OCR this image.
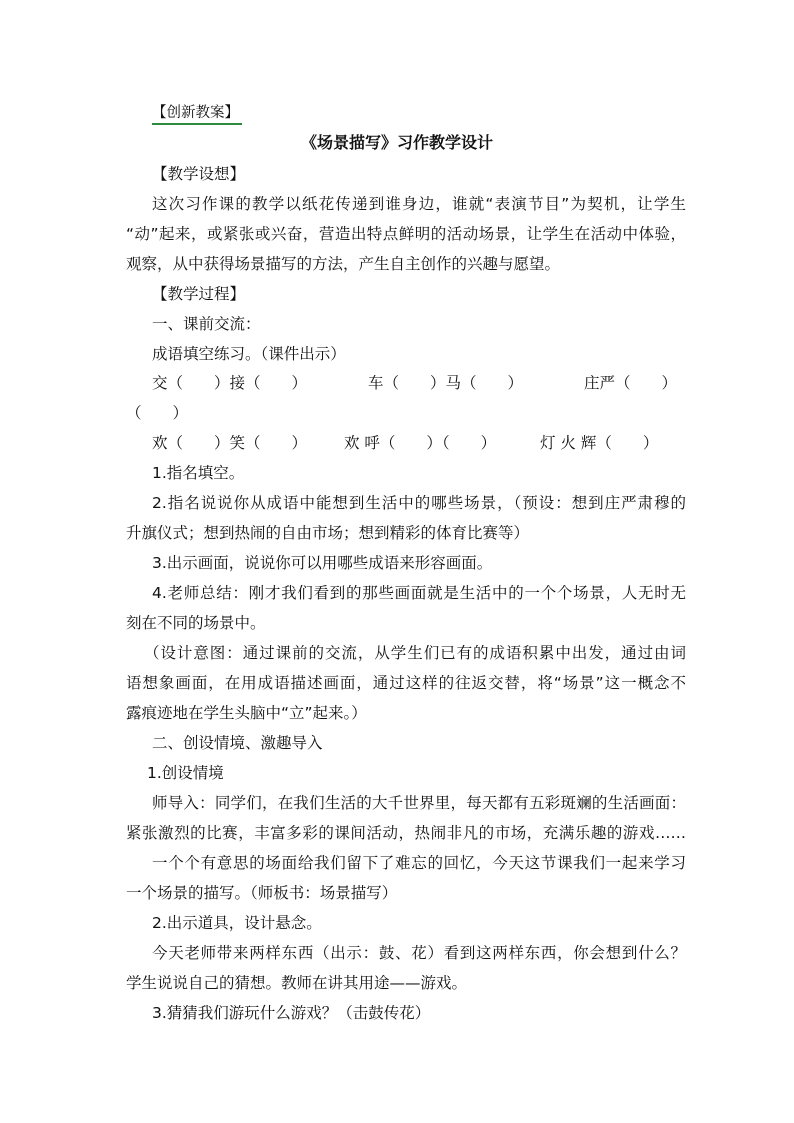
【创新教案】
《场景描写》习作教学设计
【教学设想】
这次习作课的教学以纸花传递到谁身边，谁就“表演节目”为契机，让学生
“动”起来，或紧张或兴奋，营造出特点鲜明的活动场景，让学生在活动中体验，
观察，从中获得场景描写的方法，产生自主创作的兴趣与愿望。
【教学过程】
一、课前交流：
成语填空练习。（课件出示）
交（　　）接（　　）	车（　　）马（　　）	庄严（　　）
（　　）
欢（　　）笑（　　） 欢 呼（　　）（　　）	灯 火 辉（　　）
1.指名填空。
2.指名说说你从成语中能想到生活中的哪些场景，（预设：想到庄严肃穆的
升旗仪式；想到热闹的自由市场；想到精彩的体育比赛等）
3.出示画面，说说你可以用哪些成语来形容画面。
4.老师总结：刚才我们看到的那些画面就是生活中的一个个场景，人无时无
刻在不同的场景中。
（设计意图：通过课前的交流，从学生们已有的成语积累中出发，通过由词
语想象画面，在用成语描述画面，通过这样的往返交替，将“场景”这一概念不
露痕迹地在学生头脑中“立”起来。）
二、创设情境、激趣导入
1.创设情境
师导入：同学们，在我们生活的大千世界里，每天都有五彩斑斓的生活画面：
紧张激烈的比赛，丰富多彩的课间活动，热闹非凡的市场，充满乐趣的游戏……
一个个有意思的场面给我们留下了难忘的回忆，今天这节课我们一起来学习
一个场景的描写。（师板书：场景描写）
2.出示道具，设计悬念。
今天老师带来两样东西（出示：鼓、花）看到这两样东西，你会想到什么？
学生说说自己的猜想。教师在讲其用途——游戏。
3.猜猜我们游玩什么游戏？（击鼓传花）
